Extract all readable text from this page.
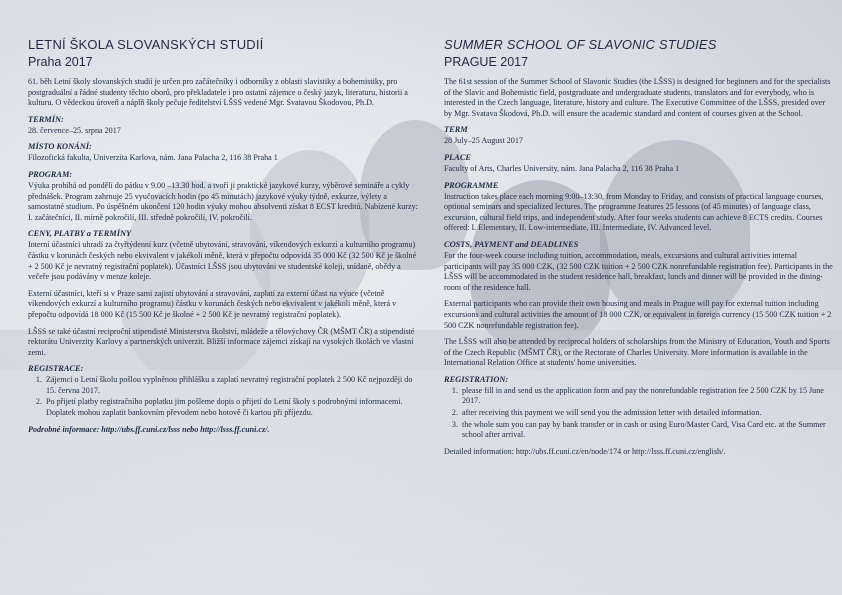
LETNÍ ŠKOLA SLOVANSKÝCH STUDIÍ
Praha 2017

61. běh Letní školy slovanských studií je určen pro začátečníky i odborníky z oblasti slavistiky a bohemistiky, pro postgraduální a řádné studenty těchto oborů, pro překladatele i pro ostatní zájemce o český jazyk, literaturu, historii a kulturu. O vědeckou úroveň a náplň školy pečuje ředitelství LŠSS vedené Mgr. Svatavou Škodovou, Ph.D.

TERMÍN:

28. července–25. srpna 2017

MÍSTO KONÁNÍ:

Filozofická fakulta, Univerzita Karlova, nám. Jana Palacha 2, 116 38 Praha 1

PROGRAM:

Výuka probíhá od pondělí do pátku v 9.00 –13.30 hod. a tvoří ji praktické jazykové kurzy, výběrové semináře a cykly přednášek. Program zahrnuje 25 vyučovacích hodin (po 45 minutách) jazykové výuky týdně, exkurze, výlety a samostatné studium. Po úspěšném ukončení 120 hodin výuky mohou absolventi získat 8 ECST kreditů. Nabízené kurzy: I. začátečníci, II. mírně pokročilí, III. středně pokročilí, IV. pokročilí.

CENY, PLATBY a TERMÍNY

Interní účastníci uhradí za čtyřtýdenní kurz (včetně ubytování, stravování, víkendových exkurzí a kulturního programu) částku v korunách českých nebo ekvivalent v jakékoli měně, která v přepočtu odpovídá 35 000 Kč (32 500 Kč je školné + 2 500 Kč je nevratný registrační poplatek). Účastníci LŠSS jsou ubytováni ve studentské koleji, snídaně, obědy a večeře jsou podávány v menze koleje.

Externí účastníci, kteří si v Praze sami zajistí ubytování a stravování, zaplatí za externí účast na výuce (včetně víkendových exkurzí a kulturního programu) částku v korunách českých nebo ekvivalent v jakékoli měně, která v přepočtu odpovídá 18 000 Kč (15 500 Kč je školné + 2 500 Kč je nevratný registrační poplatek).

LŠSS se také účastní reciproční stipendisté Ministerstva školství, mládeže a tělovýchovy ČR (MŠMT ČR) a stipendisté rektorátu Univerzity Karlovy a partnerských univerzit. Bližší informace zájemci získají na vysokých školách ve vlastní zemi.

REGISTRACE:
1. Zájemci o Letní školu pošlou vyplněnou přihlášku a zaplatí nevratný registrační poplatek 2 500 Kč nejpozději do 15. června 2017.
2. Po přijetí platby registračního poplatku jim pošleme dopis o přijetí do Letní školy s podrobnými informacemi. Doplatek mohou zaplatit bankovním převodem nebo hotově či kartou při příjezdu.

Podrobné informace: http://ubs.ff.cuni.cz/lsss nebo http://lsss.ff.cuni.cz/.

SUMMER SCHOOL OF SLAVONIC STUDIES
PRAGUE 2017

The 61st session of the Summer School of Slavonic Studies (the LŠSS) is designed for beginners and for the specialists of the Slavic and Bohemistic field, postgraduate and undergraduate students, translators and for everybody, who is interested in the Czech language, literature, history and culture. The Executive Committee of the LŠSS, presided over by Mgr. Svatava Škodová, Ph.D. will ensure the academic standard and content of courses given at the School.

TERM

28 July–25 August 2017

PLACE

Faculty of Arts, Charles University, nám. Jana Palacha 2, 116 38 Praha 1

PROGRAMME

Instruction takes place each morning 9:00–13:30, from Monday to Friday, and consists of practical language courses, optional seminars and specialized lectures. The programme features 25 lessons (of 45 minutes) of language class, excursion, cultural field trips, and independent study. After four weeks students can achieve 8 ECTS credits. Courses offered: I. Elementary, II. Low-intermediate, III. Intermediate, IV. Advanced level.

COSTS, PAYMENT and DEADLINES

For the four-week course including tuition, accommodation, meals, excursions and cultural activities internal participants will pay 35 000 CZK, (32 500 CZK tuition + 2 500 CZK nonrefundable registration fee). Participants in the LŠSS will be accommodated in the student residence hall, breakfast, lunch and dinner will be provided in the dining-room of the residence hall.

External participants who can provide their own housing and meals in Prague will pay for external tuition including excursions and cultural activities the amount of 18 000 CZK, or equivalent in foreign currency (15 500 CZK tuition + 2 500 CZK nonrefundable registration fee).

The LŠSS will also be attended by reciprocal holders of scholarships from the Ministry of Education, Youth and Sports of the Czech Republic (MŠMT ČR), or the Rectorate of Charles University. More information is available in the International Relation Office at students' home universities.

REGISTRATION:
1. please fill in and send us the application form and pay the nonrefundable registration fee 2 500 CZK by 15 June 2017.
2. after receiving this payment we will send you the admission letter with detailed information.
3. the whole sum you can pay by bank transfer or in cash or using Euro/Master Card, Visa Card etc. at the Summer school after arrival.

Detailed information: http://ubs.ff.cuni.cz/en/node/174 or http://lsss.ff.cuni.cz/english/.
